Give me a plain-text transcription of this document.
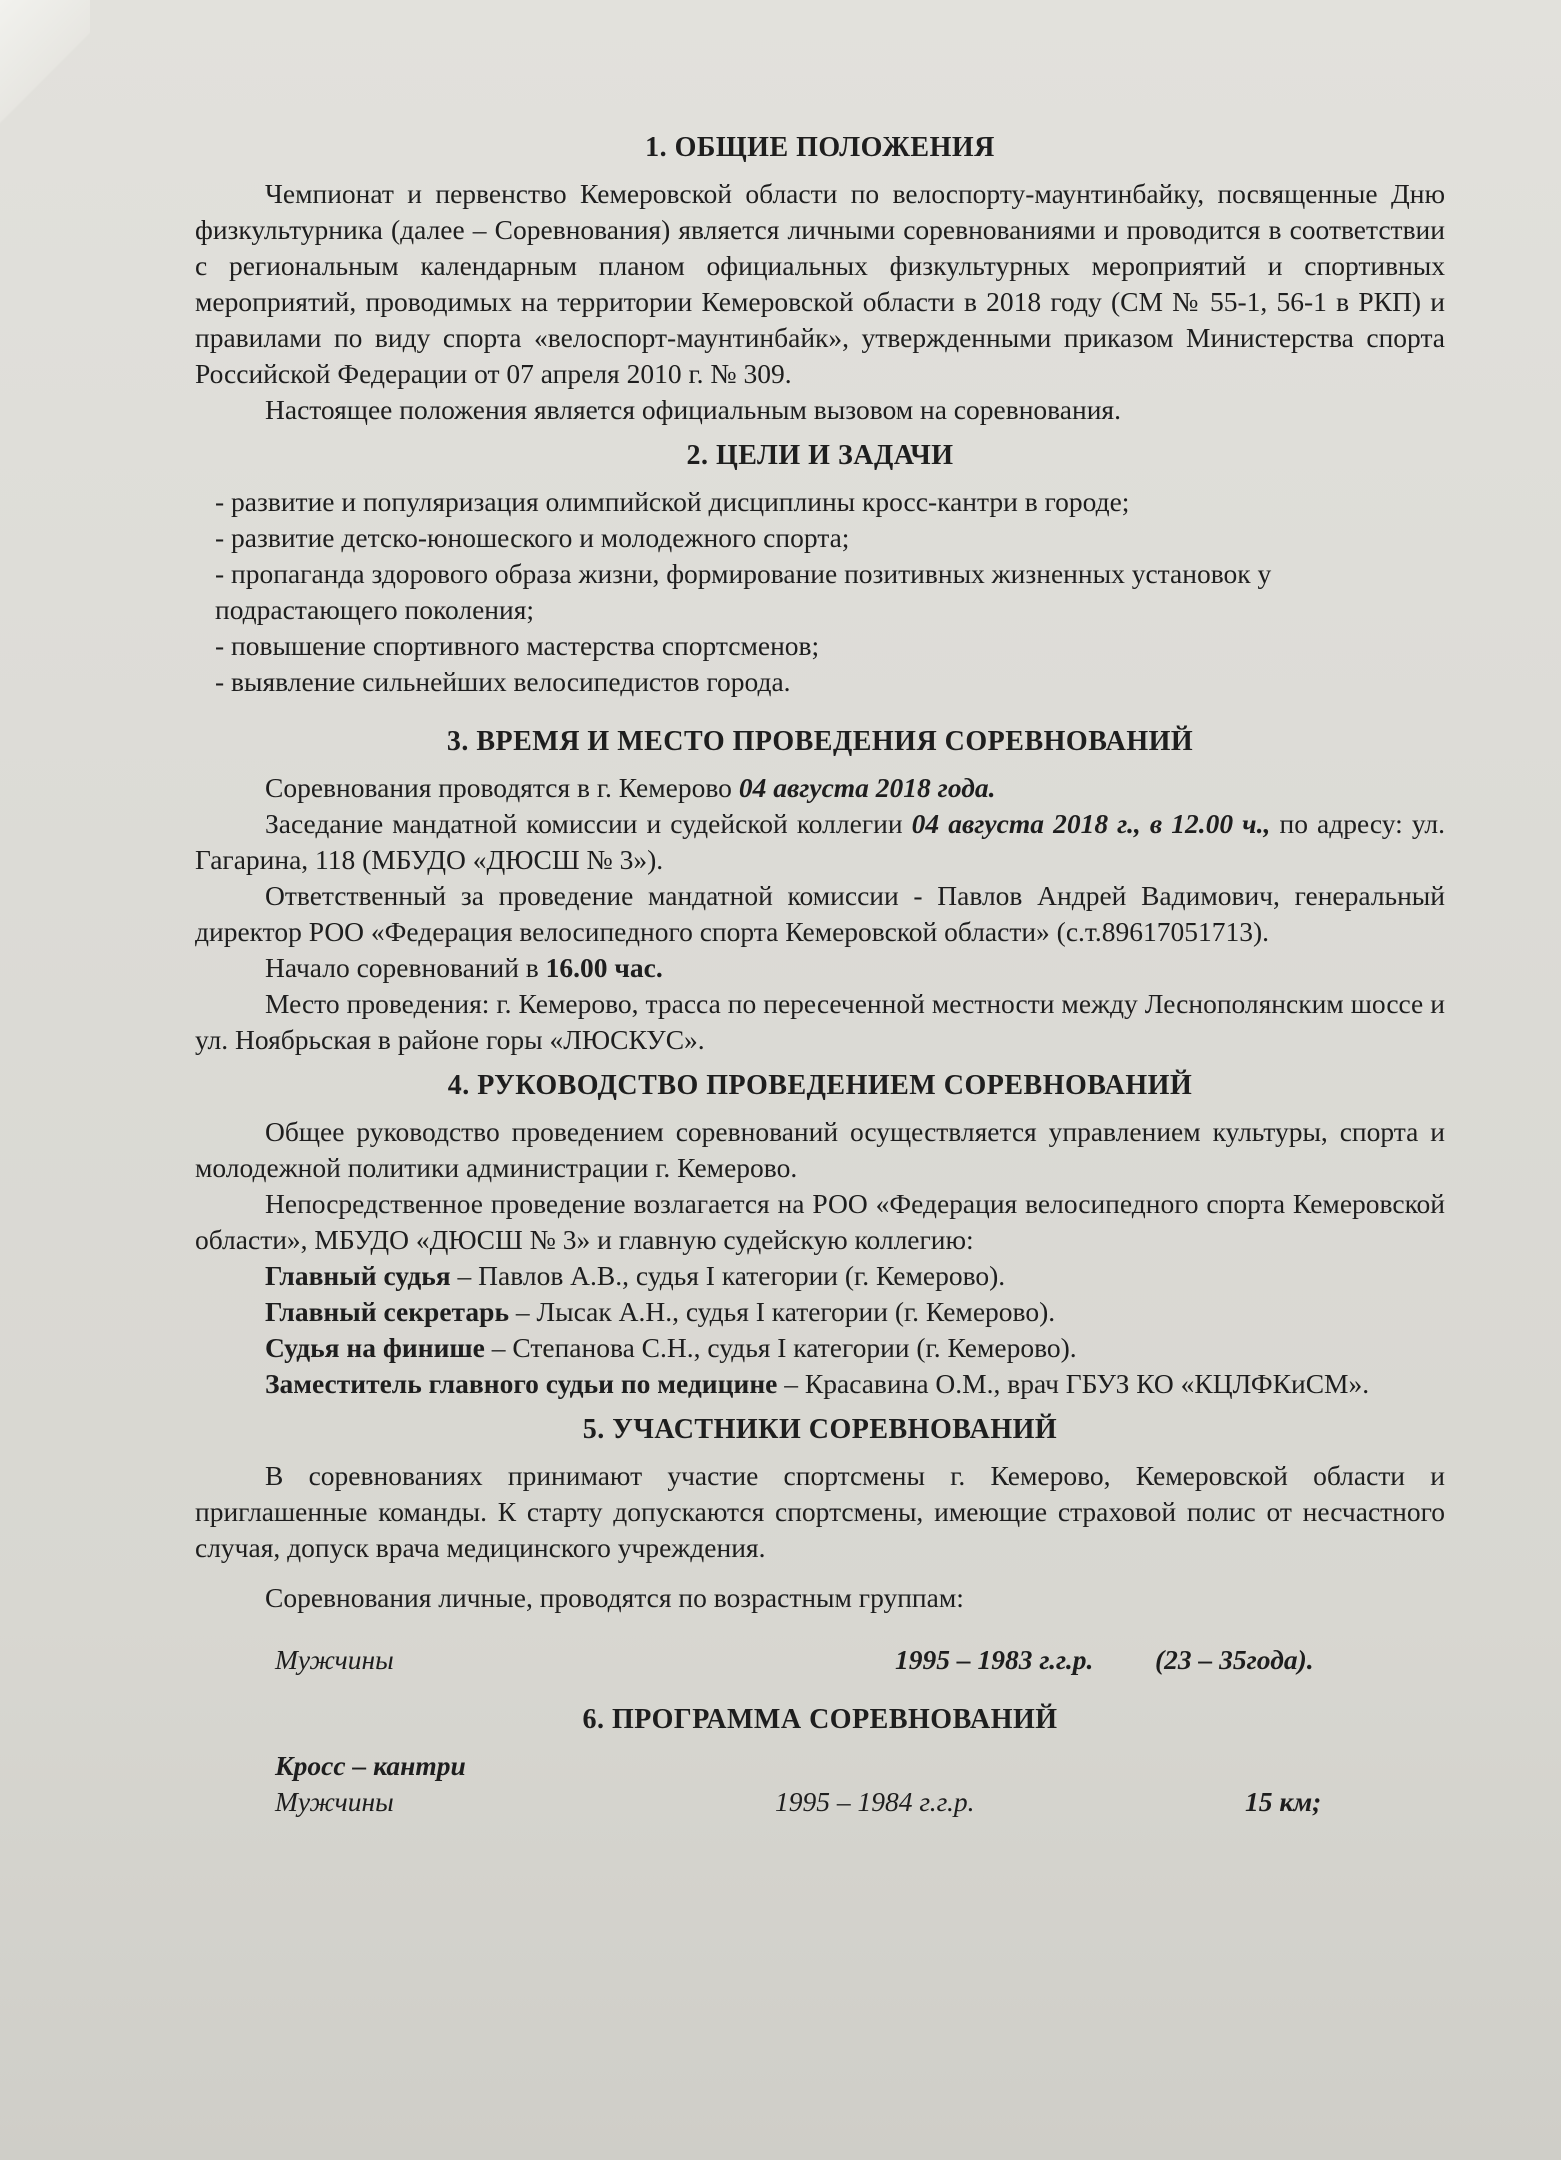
1. ОБЩИЕ ПОЛОЖЕНИЯ

Чемпионат и первенство Кемеровской области по велоспорту-маунтинбайку, посвященные Дню физкультурника (далее – Соревнования) является личными соревнованиями и проводится в соответствии с региональным календарным планом официальных физкультурных мероприятий и спортивных мероприятий, проводимых на территории Кемеровской области в 2018 году (СМ № 55-1, 56-1 в РКП) и правилами по виду спорта «велоспорт-маунтинбайк», утвержденными приказом Министерства спорта Российской Федерации от 07 апреля 2010 г. № 309.

Настоящее положения является официальным вызовом на соревнования.

2. ЦЕЛИ И ЗАДАЧИ
- развитие и популяризация олимпийской дисциплины кросс-кантри в городе;
- развитие детско-юношеского и молодежного спорта;
- пропаганда здорового образа жизни, формирование позитивных жизненных установок у подрастающего поколения;
- повышение спортивного мастерства спортсменов;
- выявление сильнейших велосипедистов города.
3. ВРЕМЯ И МЕСТО ПРОВЕДЕНИЯ СОРЕВНОВАНИЙ

Соревнования проводятся в г. Кемерово 04 августа 2018 года.

Заседание мандатной комиссии и судейской коллегии 04 августа 2018 г., в 12.00 ч., по адресу: ул. Гагарина, 118 (МБУДО «ДЮСШ № 3»).

Ответственный за проведение мандатной комиссии - Павлов Андрей Вадимович, генеральный директор РОО «Федерация велосипедного спорта Кемеровской области» (с.т.89617051713).

Начало соревнований в 16.00 час.

Место проведения: г. Кемерово, трасса по пересеченной местности между Леснополянским шоссе и ул. Ноябрьская в районе горы «ЛЮСКУС».

4. РУКОВОДСТВО ПРОВЕДЕНИЕМ СОРЕВНОВАНИЙ

Общее руководство проведением соревнований осуществляется управлением культуры, спорта и молодежной политики администрации г. Кемерово.

Непосредственное проведение возлагается на РОО «Федерация велосипедного спорта Кемеровской области», МБУДО «ДЮСШ № 3» и главную судейскую коллегию:

Главный судья – Павлов А.В., судья I категории (г. Кемерово).

Главный секретарь – Лысак А.Н., судья I категории (г. Кемерово).

Судья на финише – Степанова С.Н., судья I категории (г. Кемерово).

Заместитель главного судьи по медицине – Красавина О.М., врач ГБУЗ КО «КЦЛФКиСМ».

5. УЧАСТНИКИ СОРЕВНОВАНИЙ

В соревнованиях принимают участие спортсмены г. Кемерово, Кемеровской области и приглашенные команды. К старту допускаются спортсмены, имеющие страховой полис от несчастного случая, допуск врача медицинского учреждения.

Соревнования личные, проводятся по возрастным группам:

Мужчины	1995 – 1983 г.г.р.	(23 – 35года).
6. ПРОГРАММА СОРЕВНОВАНИЙ
Кросс – кантри
Мужчины	1995 – 1984 г.г.р.	15 км;
